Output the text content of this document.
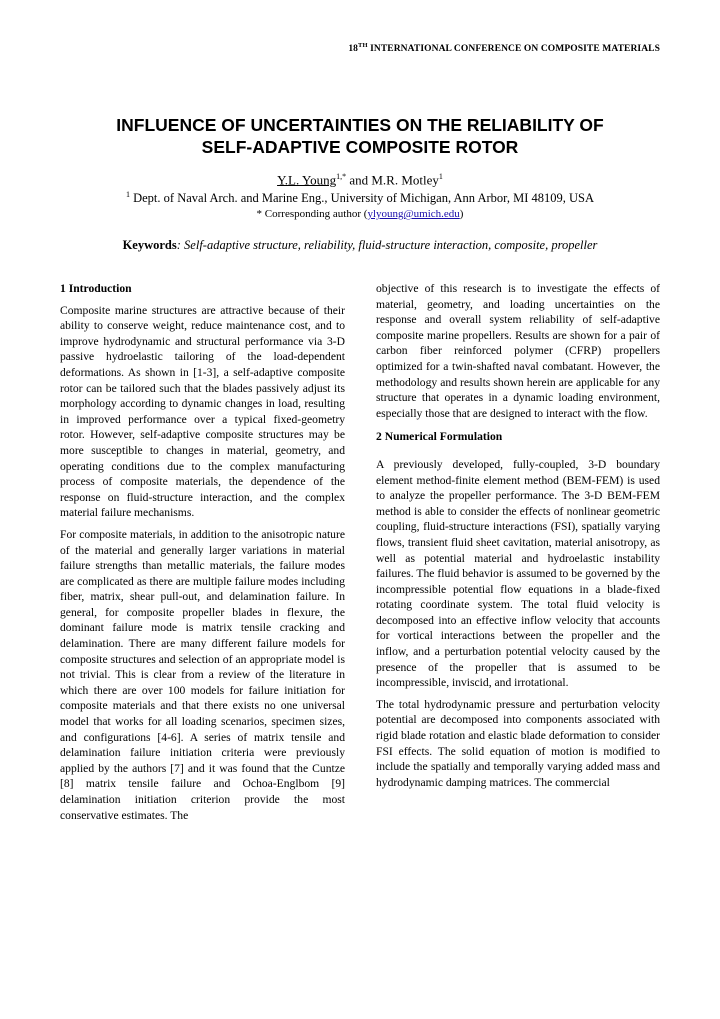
18TH INTERNATIONAL CONFERENCE ON COMPOSITE MATERIALS
INFLUENCE OF UNCERTAINTIES ON THE RELIABILITY OF
SELF-ADAPTIVE COMPOSITE ROTOR
Y.L. Young$^{1,*}$ and M.R. Motley$^1$
$^1$ Dept. of Naval Arch. and Marine Eng., University of Michigan, Ann Arbor, MI 48109, USA
* Corresponding author (ylyoung@umich.edu)
Keywords: Self-adaptive structure, reliability, fluid-structure interaction, composite, propeller
1 Introduction

Composite marine structures are attractive because of their ability to conserve weight, reduce maintenance cost, and to improve hydrodynamic and structural performance via 3-D passive hydroelastic tailoring of the load-dependent deformations. As shown in [1-3], a self-adaptive composite rotor can be tailored such that the blades passively adjust its morphology according to dynamic changes in load, resulting in improved performance over a typical fixed-geometry rotor. However, self-adaptive composite structures may be more susceptible to changes in material, geometry, and operating conditions due to the complex manufacturing process of composite materials, the dependence of the response on fluid-structure interaction, and the complex material failure mechanisms.

For composite materials, in addition to the anisotropic nature of the material and generally larger variations in material failure strengths than metallic materials, the failure modes are complicated as there are multiple failure modes including fiber, matrix, shear pull-out, and delamination failure. In general, for composite propeller blades in flexure, the dominant failure mode is matrix tensile cracking and delamination. There are many different failure models for composite structures and selection of an appropriate model is not trivial. This is clear from a review of the literature in which there are over 100 models for failure initiation for composite materials and that there exists no one universal model that works for all loading scenarios, specimen sizes, and configurations [4-6]. A series of matrix tensile and delamination failure initiation criteria were previously applied by the authors [7] and it was found that the Cuntze [8] matrix tensile failure and Ochoa-Englbom [9] delamination initiation criterion provide the most conservative estimates. The

objective of this research is to investigate the effects of material, geometry, and loading uncertainties on the response and overall system reliability of self-adaptive composite marine propellers. Results are shown for a pair of carbon fiber reinforced polymer (CFRP) propellers optimized for a twin-shafted naval combatant. However, the methodology and results shown herein are applicable for any structure that operates in a dynamic loading environment, especially those that are designed to interact with the flow.

2 Numerical Formulation

A previously developed, fully-coupled, 3-D boundary element method-finite element method (BEM-FEM) is used to analyze the propeller performance. The 3-D BEM-FEM method is able to consider the effects of nonlinear geometric coupling, fluid-structure interactions (FSI), spatially varying flows, transient fluid sheet cavitation, material anisotropy, as well as potential material and hydroelastic instability failures. The fluid behavior is assumed to be governed by the incompressible potential flow equations in a blade-fixed rotating coordinate system. The total fluid velocity is decomposed into an effective inflow velocity that accounts for vortical interactions between the propeller and the inflow, and a perturbation potential velocity caused by the presence of the propeller that is assumed to be incompressible, inviscid, and irrotational.

The total hydrodynamic pressure and perturbation velocity potential are decomposed into components associated with rigid blade rotation and elastic blade deformation to consider FSI effects. The solid equation of motion is modified to include the spatially and temporally varying added mass and hydrodynamic damping matrices. The commercial
